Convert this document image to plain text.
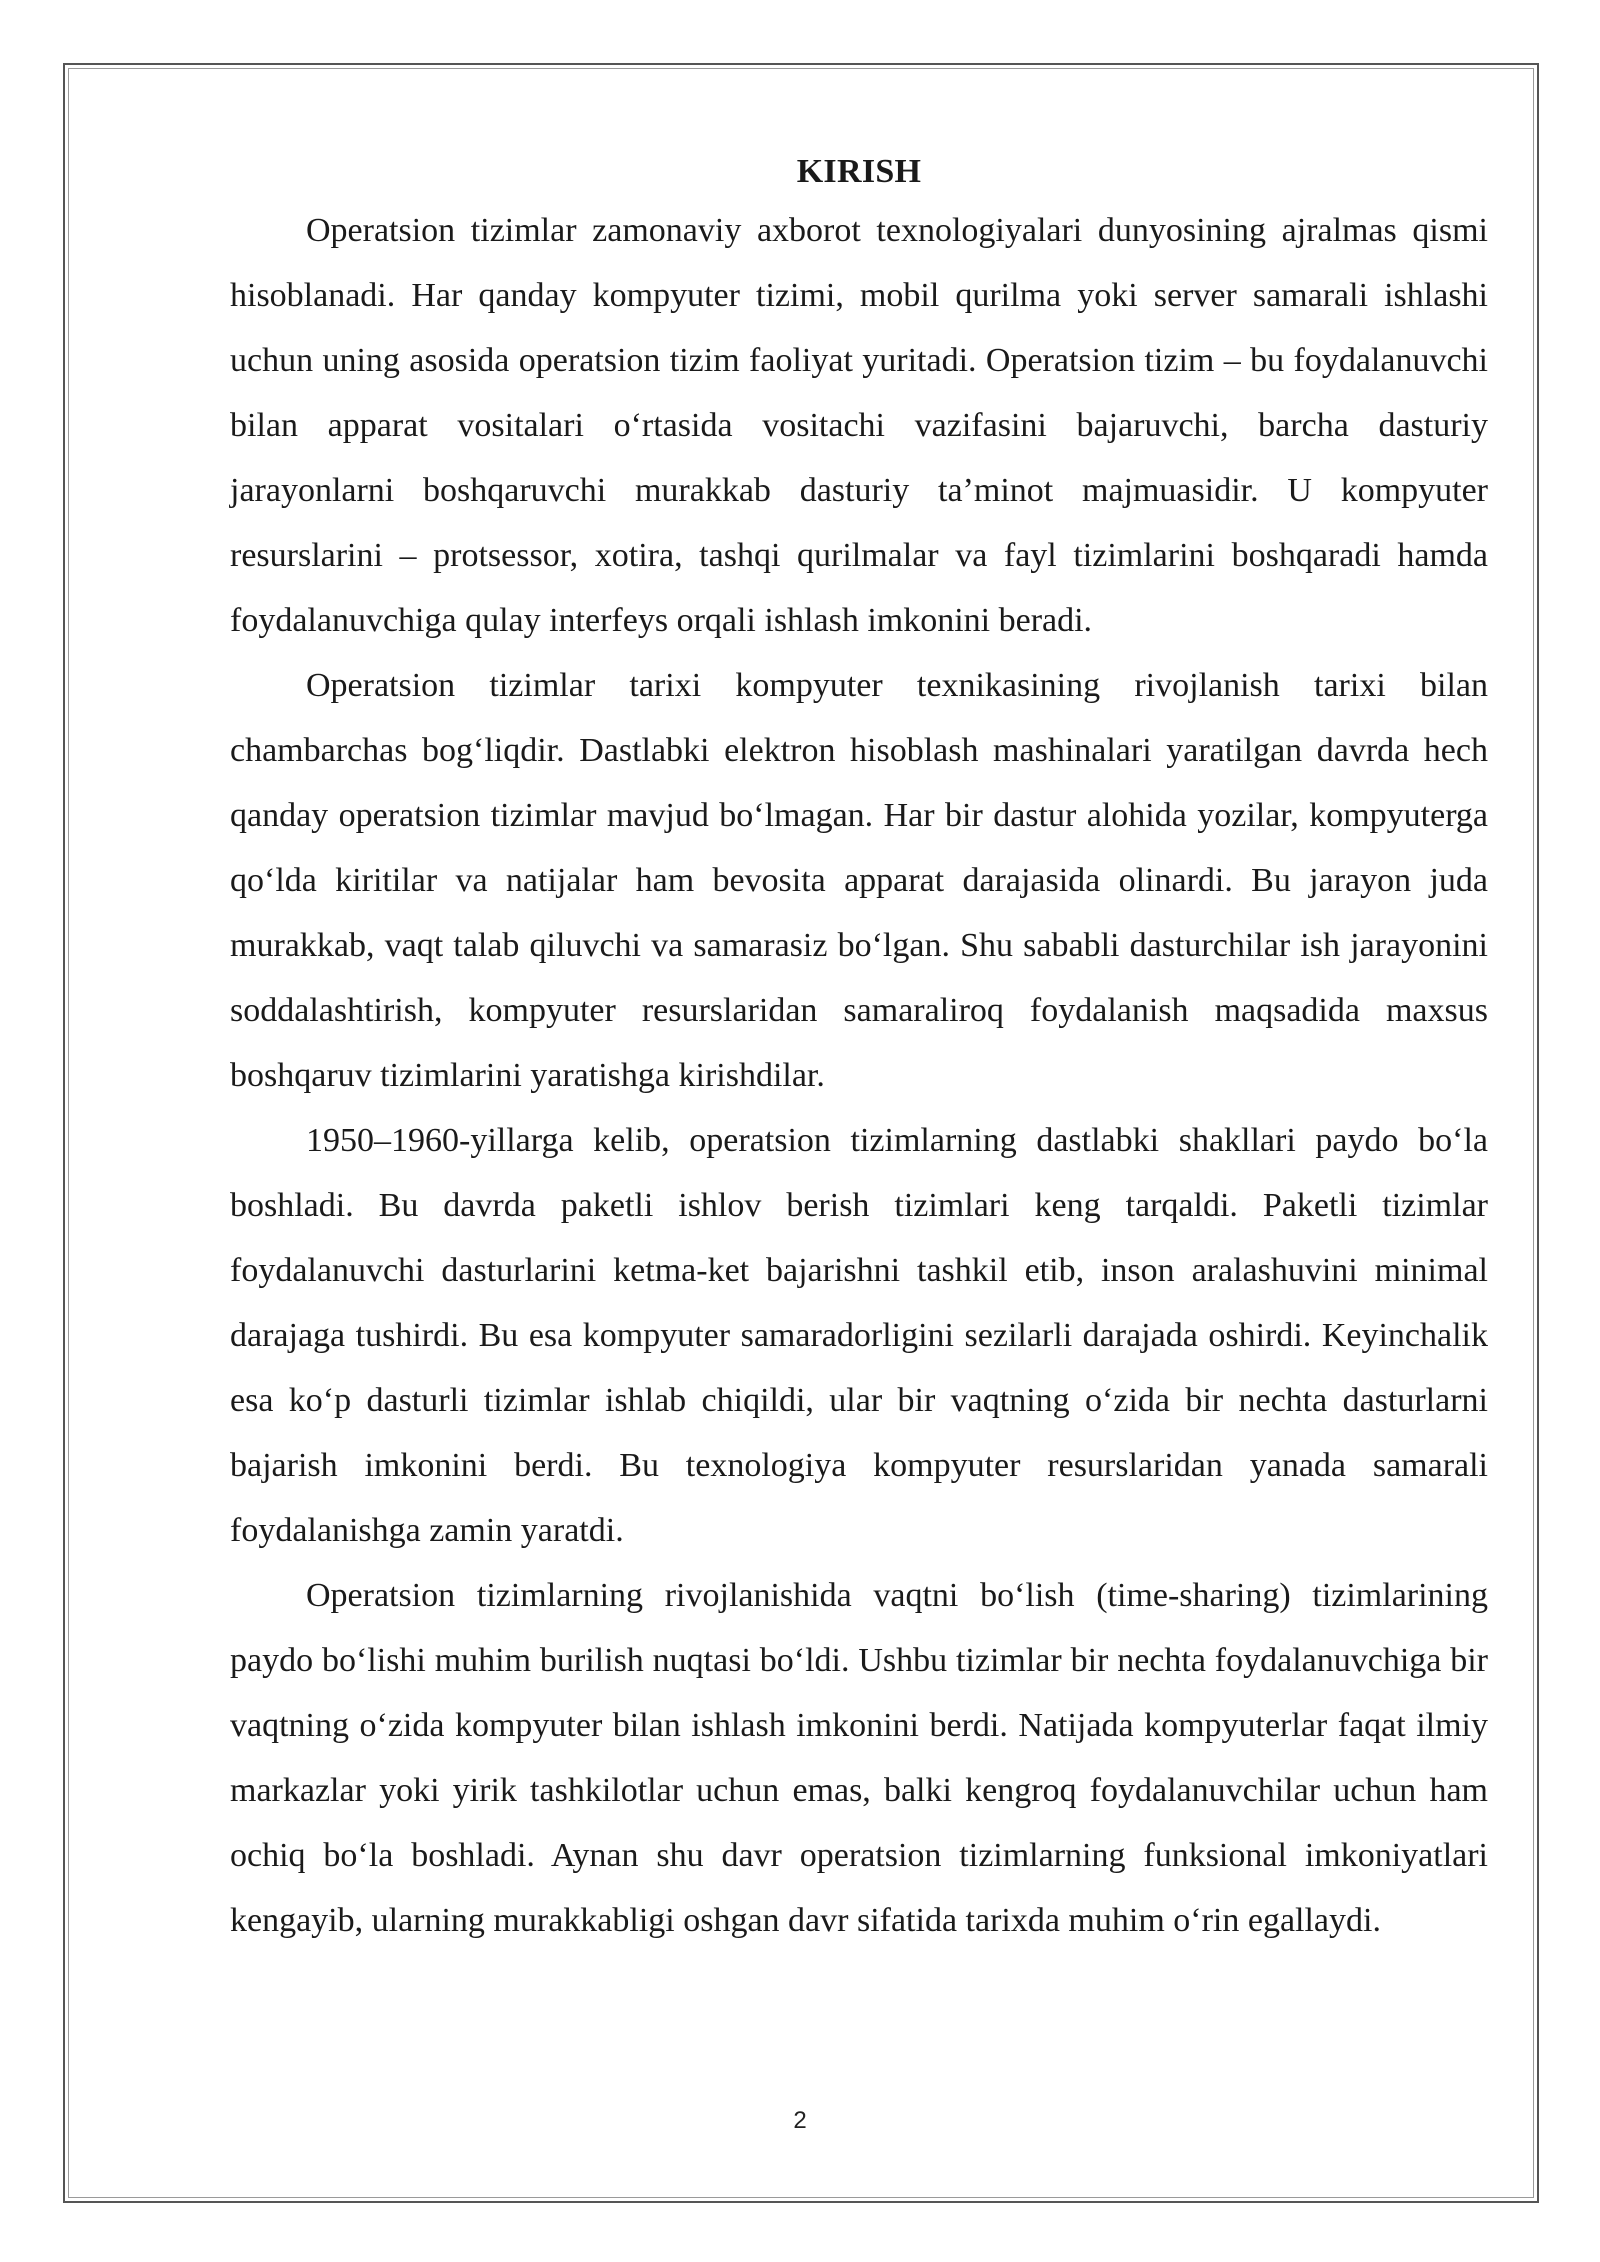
KIRISH

Operatsion tizimlar zamonaviy axborot texnologiyalari dunyosining ajralmas qismi hisoblanadi. Har qanday kompyuter tizimi, mobil qurilma yoki server samarali ishlashi uchun uning asosida operatsion tizim faoliyat yuritadi. Operatsion tizim – bu foydalanuvchi bilan apparat vositalari o‘rtasida vositachi vazifasini bajaruvchi, barcha dasturiy jarayonlarni boshqaruvchi murakkab dasturiy ta’minot majmuasidir. U kompyuter resurslarini – protsessor, xotira, tashqi qurilmalar va fayl tizimlarini boshqaradi hamda foydalanuvchiga qulay interfeys orqali ishlash imkonini beradi.

Operatsion tizimlar tarixi kompyuter texnikasining rivojlanish tarixi bilan chambarchas bog‘liqdir. Dastlabki elektron hisoblash mashinalari yaratilgan davrda hech qanday operatsion tizimlar mavjud bo‘lmagan. Har bir dastur alohida yozilar, kompyuterga qo‘lda kiritilar va natijalar ham bevosita apparat darajasida olinardi. Bu jarayon juda murakkab, vaqt talab qiluvchi va samarasiz bo‘lgan. Shu sababli dasturchilar ish jarayonini soddalashtirish, kompyuter resurslaridan samaraliroq foydalanish maqsadida maxsus boshqaruv tizimlarini yaratishga kirishdilar.

1950–1960-yillarga kelib, operatsion tizimlarning dastlabki shakllari paydo bo‘la boshladi. Bu davrda paketli ishlov berish tizimlari keng tarqaldi. Paketli tizimlar foydalanuvchi dasturlarini ketma-ket bajarishni tashkil etib, inson aralashuvini minimal darajaga tushirdi. Bu esa kompyuter samaradorligini sezilarli darajada oshirdi. Keyinchalik esa ko‘p dasturli tizimlar ishlab chiqildi, ular bir vaqtning o‘zida bir nechta dasturlarni bajarish imkonini berdi. Bu texnologiya kompyuter resurslaridan yanada samarali foydalanishga zamin yaratdi.

Operatsion tizimlarning rivojlanishida vaqtni bo‘lish (time-sharing) tizimlarining paydo bo‘lishi muhim burilish nuqtasi bo‘ldi. Ushbu tizimlar bir nechta foydalanuvchiga bir vaqtning o‘zida kompyuter bilan ishlash imkonini berdi. Natijada kompyuterlar faqat ilmiy markazlar yoki yirik tashkilotlar uchun emas, balki kengroq foydalanuvchilar uchun ham ochiq bo‘la boshladi. Aynan shu davr operatsion tizimlarning funksional imkoniyatlari kengayib, ularning murakkabligi oshgan davr sifatida tarixda muhim o‘rin egallaydi.

2
